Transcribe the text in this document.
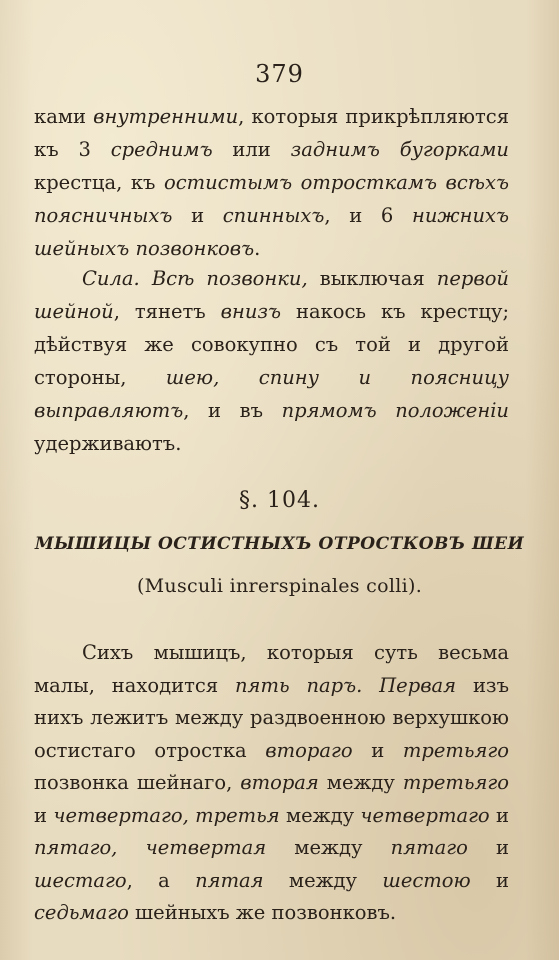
379

ками внутренними, которыя прикрѣпляются къ 3 среднимъ или заднимъ бугорками крестца, къ остистымъ отросткамъ всѣхъ поясничныхъ и спинныхъ, и 6 нижнихъ шейныхъ позвонковъ.

Сила. Всѣ позвонки, выключая первой шейной, тянетъ внизъ накось къ крестцу; дѣйствуя же совокупно съ той и другой стороны, шею, спину и поясницу выправляютъ, и въ прямомъ положеніи удерживаютъ.

§. 104.
МЫШИЦЫ ОСТИСТНЫХЪ ОТРОСТКОВЪ ШЕИ
(Musculi inrerspinales colli).

Сихъ мышицъ, которыя суть весьма малы, находится пять паръ. Первая изъ нихъ лежитъ между раздвоенною верхушкою остистаго отростка втораго и третьяго позвонка шейнаго, вторая между третьяго и четвертаго, третья между четвертаго и пятаго, четвертая между пятаго и шестаго, а пятая между шестою и седьмаго шейныхъ же позвонковъ.
